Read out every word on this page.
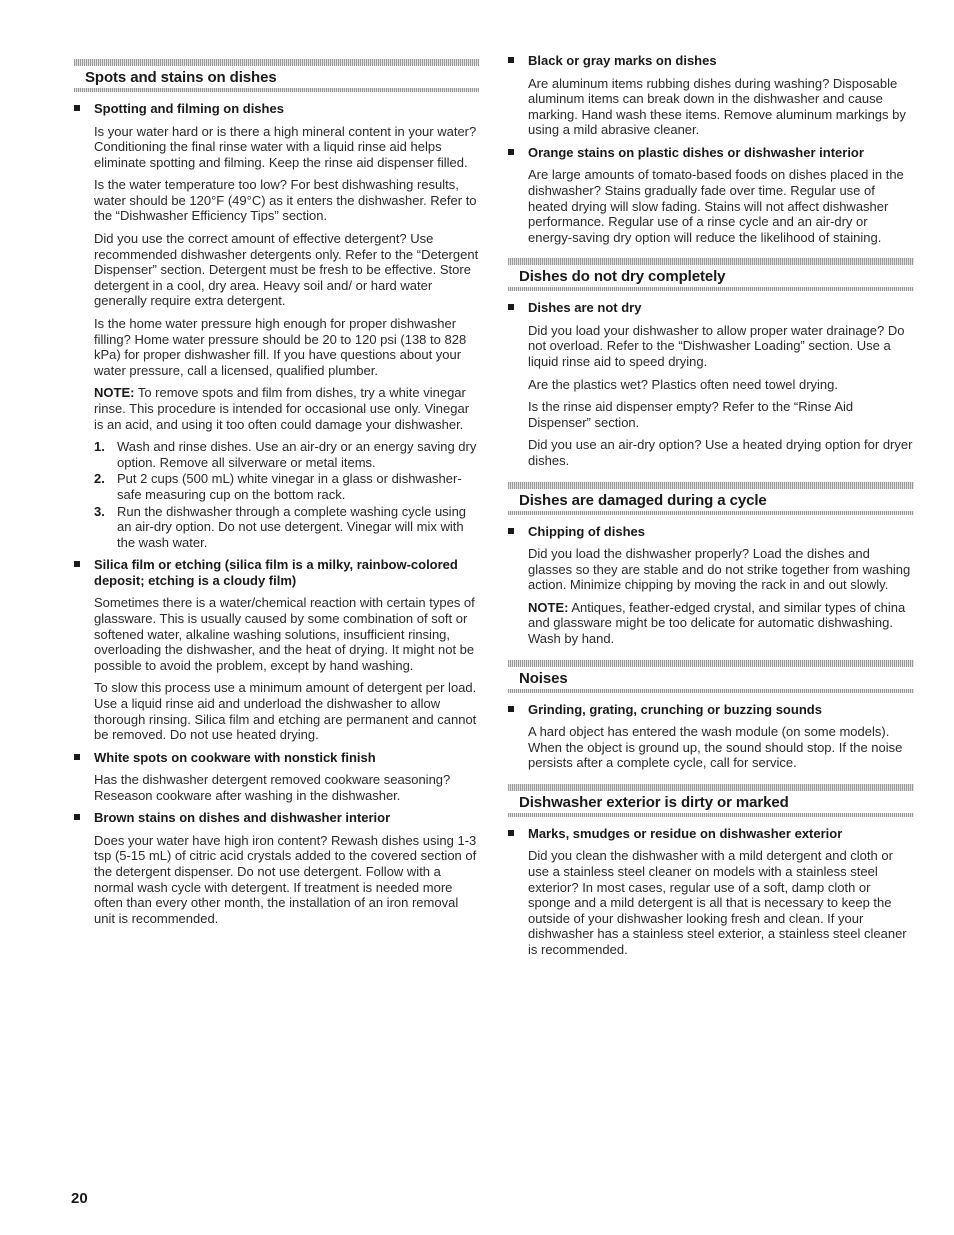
Spots and stains on dishes
Spotting and filming on dishes

Is your water hard or is there a high mineral content in your water? Conditioning the final rinse water with a liquid rinse aid helps eliminate spotting and filming. Keep the rinse aid dispenser filled.

Is the water temperature too low? For best dishwashing results, water should be 120°F (49°C) as it enters the dishwasher. Refer to the “Dishwasher Efficiency Tips” section.

Did you use the correct amount of effective detergent? Use recommended dishwasher detergents only. Refer to the “Detergent Dispenser” section. Detergent must be fresh to be effective. Store detergent in a cool, dry area. Heavy soil and/ or hard water generally require extra detergent.

Is the home water pressure high enough for proper dishwasher filling? Home water pressure should be 20 to 120 psi (138 to 828 kPa) for proper dishwasher fill. If you have questions about your water pressure, call a licensed, qualified plumber.

NOTE: To remove spots and film from dishes, try a white vinegar rinse. This procedure is intended for occasional use only. Vinegar is an acid, and using it too often could damage your dishwasher.

1. Wash and rinse dishes. Use an air-dry or an energy saving dry option. Remove all silverware or metal items.
2. Put 2 cups (500 mL) white vinegar in a glass or dishwasher-safe measuring cup on the bottom rack.
3. Run the dishwasher through a complete washing cycle using an air-dry option. Do not use detergent. Vinegar will mix with the wash water.
Silica film or etching (silica film is a milky, rainbow-colored deposit; etching is a cloudy film)

Sometimes there is a water/chemical reaction with certain types of glassware. This is usually caused by some combination of soft or softened water, alkaline washing solutions, insufficient rinsing, overloading the dishwasher, and the heat of drying. It might not be possible to avoid the problem, except by hand washing.

To slow this process use a minimum amount of detergent per load. Use a liquid rinse aid and underload the dishwasher to allow thorough rinsing. Silica film and etching are permanent and cannot be removed. Do not use heated drying.

White spots on cookware with nonstick finish

Has the dishwasher detergent removed cookware seasoning? Reseason cookware after washing in the dishwasher.

Brown stains on dishes and dishwasher interior

Does your water have high iron content? Rewash dishes using 1-3 tsp (5-15 mL) of citric acid crystals added to the covered section of the detergent dispenser. Do not use detergent. Follow with a normal wash cycle with detergent. If treatment is needed more often than every other month, the installation of an iron removal unit is recommended.

Black or gray marks on dishes

Are aluminum items rubbing dishes during washing? Disposable aluminum items can break down in the dishwasher and cause marking. Hand wash these items. Remove aluminum markings by using a mild abrasive cleaner.

Orange stains on plastic dishes or dishwasher interior

Are large amounts of tomato-based foods on dishes placed in the dishwasher? Stains gradually fade over time. Regular use of heated drying will slow fading. Stains will not affect dishwasher performance. Regular use of a rinse cycle and an air-dry or energy-saving dry option will reduce the likelihood of staining.

Dishes do not dry completely
Dishes are not dry

Did you load your dishwasher to allow proper water drainage? Do not overload. Refer to the “Dishwasher Loading” section. Use a liquid rinse aid to speed drying.

Are the plastics wet? Plastics often need towel drying.

Is the rinse aid dispenser empty? Refer to the “Rinse Aid Dispenser” section.

Did you use an air-dry option? Use a heated drying option for dryer dishes.

Dishes are damaged during a cycle
Chipping of dishes

Did you load the dishwasher properly? Load the dishes and glasses so they are stable and do not strike together from washing action. Minimize chipping by moving the rack in and out slowly.

NOTE: Antiques, feather-edged crystal, and similar types of china and glassware might be too delicate for automatic dishwashing. Wash by hand.

Noises
Grinding, grating, crunching or buzzing sounds

A hard object has entered the wash module (on some models). When the object is ground up, the sound should stop. If the noise persists after a complete cycle, call for service.

Dishwasher exterior is dirty or marked
Marks, smudges or residue on dishwasher exterior

Did you clean the dishwasher with a mild detergent and cloth or use a stainless steel cleaner on models with a stainless steel exterior? In most cases, regular use of a soft, damp cloth or sponge and a mild detergent is all that is necessary to keep the outside of your dishwasher looking fresh and clean. If your dishwasher has a stainless steel exterior, a stainless steel cleaner is recommended.

20
